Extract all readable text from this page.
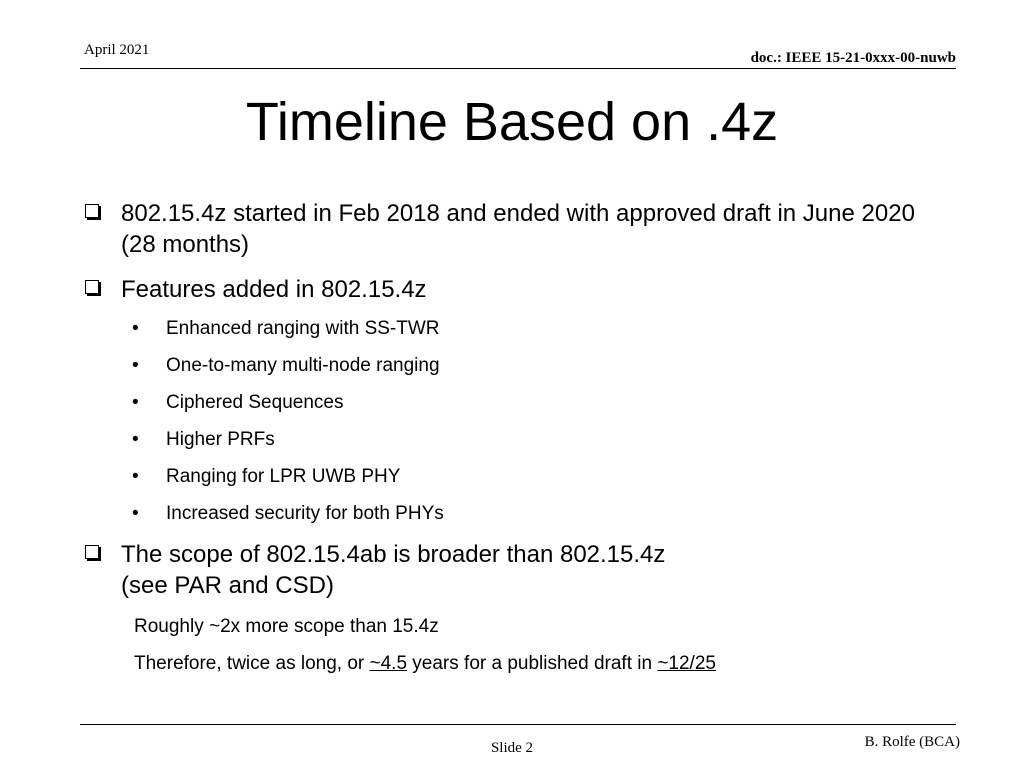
April 2021	doc.: IEEE 15-21-0xxx-00-nuwb
Timeline Based on .4z
802.15.4z started in Feb 2018 and ended with approved draft in June 2020 (28 months)
Features added in 802.15.4z
• Enhanced ranging with SS-TWR
• One-to-many multi-node ranging
• Ciphered Sequences
• Higher PRFs
• Ranging for LPR UWB PHY
• Increased security for both PHYs
The scope of 802.15.4ab is broader than 802.15.4z
(see PAR and CSD)
Roughly ~2x more scope than 15.4z
Therefore, twice as long, or ~4.5 years for a published draft in ~12/25
Slide 2	B. Rolfe (BCA)
